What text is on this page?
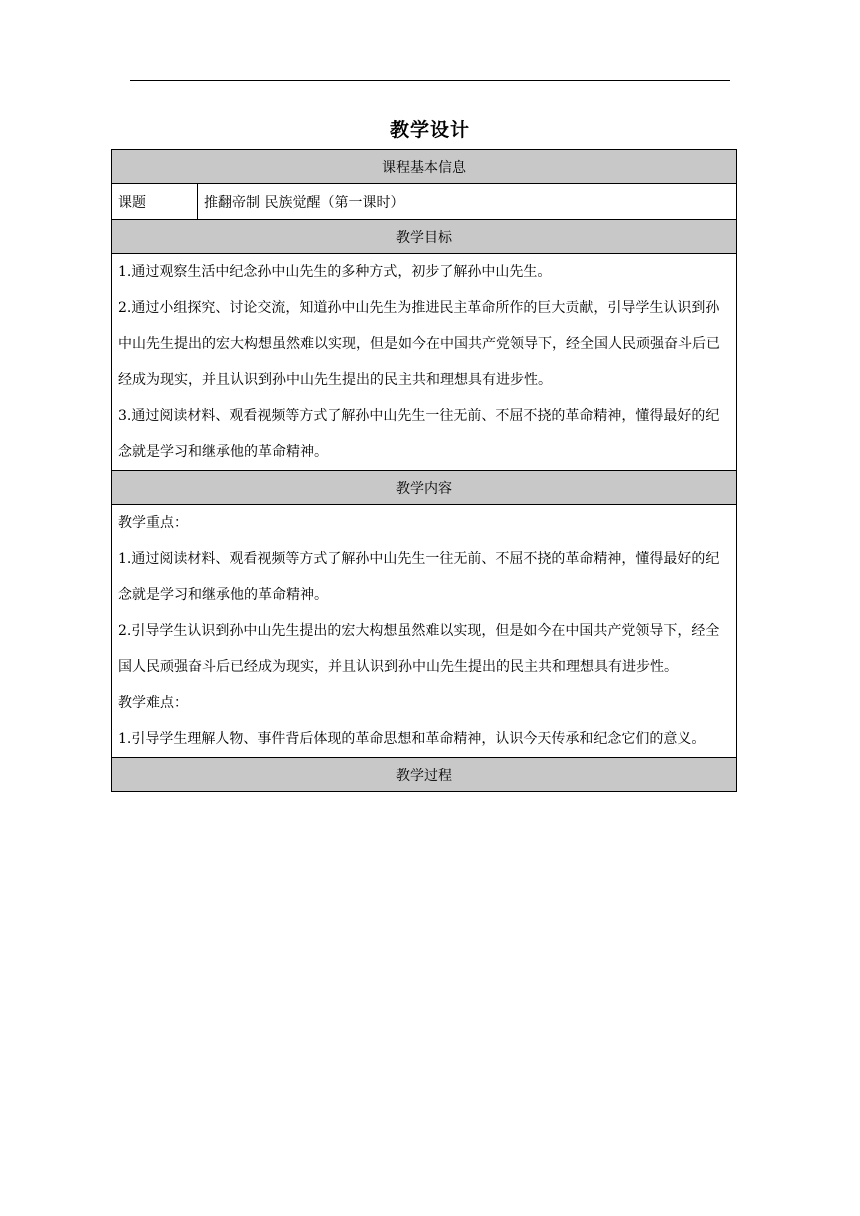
教学设计
课程基本信息
课题	推翻帝制 民族觉醒（第一课时）
教学目标

1.通过观察生活中纪念孙中山先生的多种方式，初步了解孙中山先生。

2.通过小组探究、讨论交流，知道孙中山先生为推进民主革命所作的巨大贡献，引导学生认识到孙中山先生提出的宏大构想虽然难以实现，但是如今在中国共产党领导下，经全国人民顽强奋斗后已经成为现实，并且认识到孙中山先生提出的民主共和理想具有进步性。

3.通过阅读材料、观看视频等方式了解孙中山先生一往无前、不屈不挠的革命精神，懂得最好的纪念就是学习和继承他的革命精神。

教学内容

教学重点：

1.通过阅读材料、观看视频等方式了解孙中山先生一往无前、不屈不挠的革命精神，懂得最好的纪念就是学习和继承他的革命精神。

2.引导学生认识到孙中山先生提出的宏大构想虽然难以实现，但是如今在中国共产党领导下，经全国人民顽强奋斗后已经成为现实，并且认识到孙中山先生提出的民主共和理想具有进步性。

教学难点：

1.引导学生理解人物、事件背后体现的革命思想和革命精神，认识今天传承和纪念它们的意义。

教学过程
